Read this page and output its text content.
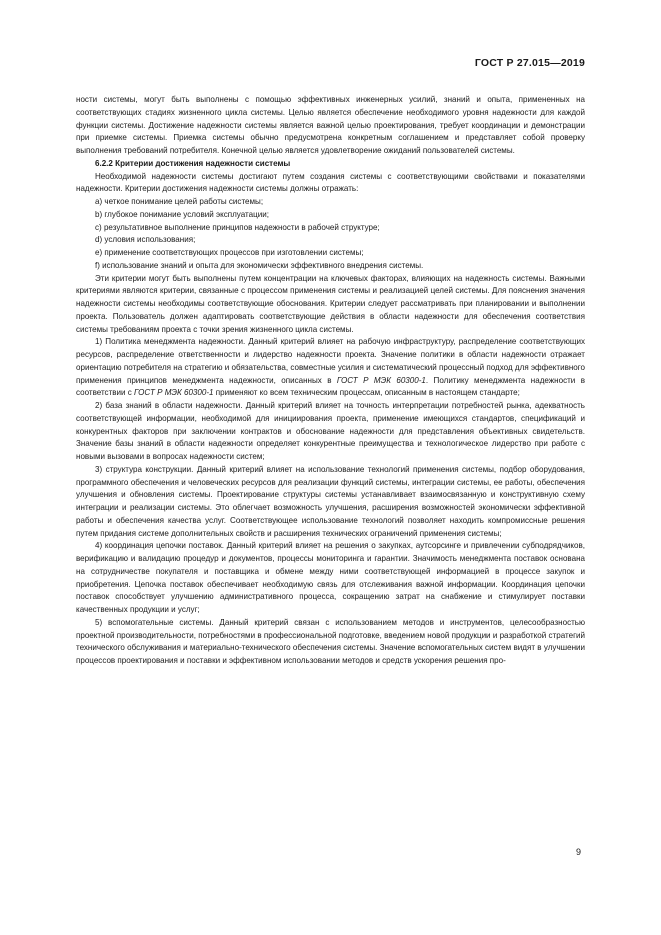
ГОСТ Р 27.015—2019

ности системы, могут быть выполнены с помощью эффективных инженерных усилий, знаний и опыта, примененных на соответствующих стадиях жизненного цикла системы. Целью является обеспечение необходимого уровня надежности для каждой функции системы. Достижение надежности системы является важной целью проектирования, требует координации и демонстрации при приемке системы. Приемка системы обычно предусмотрена конкретным соглашением и представляет собой проверку выполнения требований потребителя. Конечной целью является удовлетворение ожиданий пользователей системы.

6.2.2 Критерии достижения надежности системы

Необходимой надежности системы достигают путем создания системы с соответствующими свойствами и показателями надежности. Критерии достижения надежности системы должны отражать:

a) четкое понимание целей работы системы;

b) глубокое понимание условий эксплуатации;

c) результативное выполнение принципов надежности в рабочей структуре;

d) условия использования;

e) применение соответствующих процессов при изготовлении системы;

f) использование знаний и опыта для экономически эффективного внедрения системы.

Эти критерии могут быть выполнены путем концентрации на ключевых факторах, влияющих на надежность системы. Важными критериями являются критерии, связанные с процессом применения системы и реализацией целей системы. Для пояснения значения надежности системы необходимы соответствующие обоснования. Критерии следует рассматривать при планировании и выполнении проекта. Пользователь должен адаптировать соответствующие действия в области надежности для обеспечения соответствия системы требованиям проекта с точки зрения жизненного цикла системы.

1) Политика менеджмента надежности. Данный критерий влияет на рабочую инфраструктуру, распределение соответствующих ресурсов, распределение ответственности и лидерство надежности проекта. Значение политики в области надежности отражает ориентацию потребителя на стратегию и обязательства, совместные усилия и систематический процессный подход для эффективного применения принципов менеджмента надежности, описанных в ГОСТ Р МЭК 60300-1. Политику менеджмента надежности в соответствии с ГОСТ Р МЭК 60300-1 применяют ко всем техническим процессам, описанным в настоящем стандарте;

2) база знаний в области надежности. Данный критерий влияет на точность интерпретации потребностей рынка, адекватность соответствующей информации, необходимой для инициирования проекта, применение имеющихся стандартов, спецификаций и конкурентных факторов при заключении контрактов и обоснование надежности для представления объективных свидетельств. Значение базы знаний в области надежности определяет конкурентные преимущества и технологическое лидерство при работе с новыми вызовами в вопросах надежности систем;

3) структура конструкции. Данный критерий влияет на использование технологий применения системы, подбор оборудования, программного обеспечения и человеческих ресурсов для реализации функций системы, интеграции системы, ее работы, обеспечения улучшения и обновления системы. Проектирование структуры системы устанавливает взаимосвязанную и конструктивную схему интеграции и реализации системы. Это облегчает возможность улучшения, расширения возможностей экономически эффективной работы и обеспечения качества услуг. Соответствующее использование технологий позволяет находить компромиссные решения путем придания системе дополнительных свойств и расширения технических ограничений применения системы;

4) координация цепочки поставок. Данный критерий влияет на решения о закупках, аутсорсинге и привлечении субподрядчиков, верификацию и валидацию процедур и документов, процессы мониторинга и гарантии. Значимость менеджмента поставок основана на сотрудничестве покупателя и поставщика и обмене между ними соответствующей информацией в процессе закупок и приобретения. Цепочка поставок обеспечивает необходимую связь для отслеживания важной информации. Координация цепочки поставок способствует улучшению административного процесса, сокращению затрат на снабжение и стимулирует поставки качественных продукции и услуг;

5) вспомогательные системы. Данный критерий связан с использованием методов и инструментов, целесообразностью проектной производительности, потребностями в профессиональной подготовке, введением новой продукции и разработкой стратегий технического обслуживания и материально-технического обеспечения системы. Значение вспомогательных систем видят в улучшении процессов проектирования и поставки и эффективном использовании методов и средств ускорения решения про-

9
